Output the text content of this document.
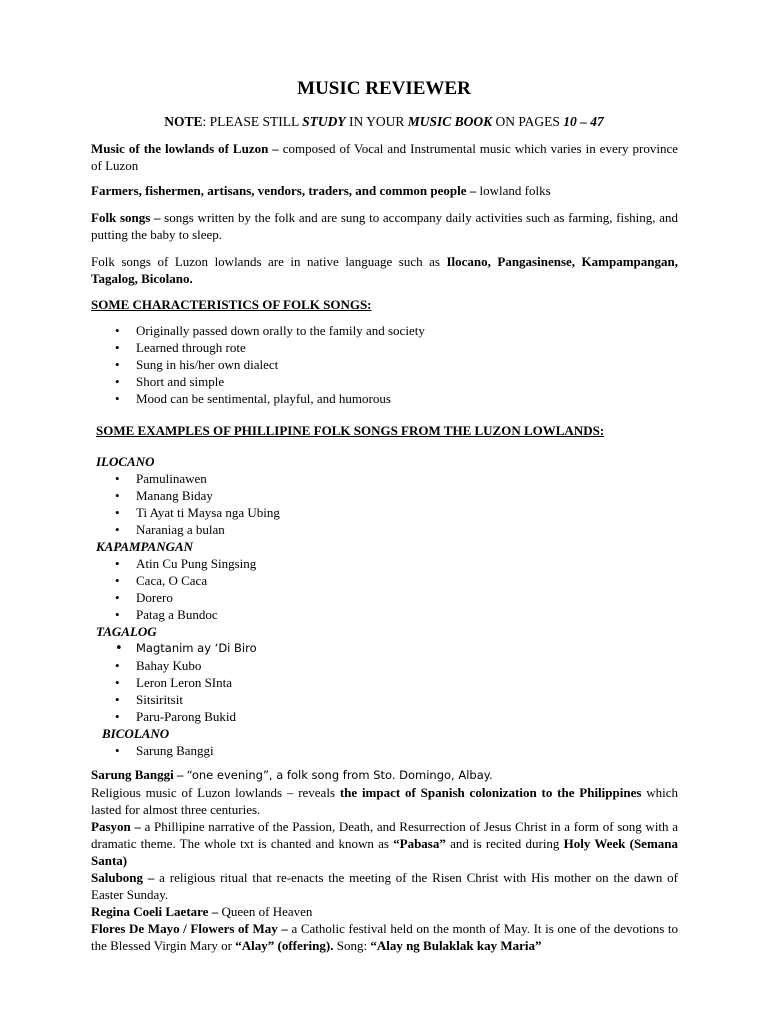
MUSIC REVIEWER
NOTE: PLEASE STILL STUDY IN YOUR MUSIC BOOK ON PAGES 10 – 47
Music of the lowlands of Luzon – composed of Vocal and Instrumental music which varies in every province of Luzon
Farmers, fishermen, artisans, vendors, traders, and common people – lowland folks
Folk songs – songs written by the folk and are sung to accompany daily activities such as farming, fishing, and putting the baby to sleep.
Folk songs of Luzon lowlands are in native language such as Ilocano, Pangasinense, Kampampangan, Tagalog, Bicolano.
SOME CHARACTERISTICS OF FOLK SONGS:
• Originally passed down orally to the family and society
• Learned through rote
• Sung in his/her own dialect
• Short and simple
• Mood can be sentimental, playful, and humorous
SOME EXAMPLES OF PHILLIPINE FOLK SONGS FROM THE LUZON LOWLANDS:
ILOCANO
• Pamulinawen
• Manang Biday
• Ti Ayat ti Maysa nga Ubing
• Naraniag a bulan
KAPAMPANGAN
• Atin Cu Pung Singsing
• Caca, O Caca
• Dorero
• Patag a Bundoc
TAGALOG
• Magtanim ay ‘Di Biro
• Bahay Kubo
• Leron Leron SInta
• Sitsiritsit
• Paru-Parong Bukid
BICOLANO
• Sarung Banggi

Sarung Banggi – “one evening”, a folk song from Sto. Domingo, Albay.

Religious music of Luzon lowlands – reveals the impact of Spanish colonization to the Philippines which lasted for almost three centuries.

Pasyon – a Phillipine narrative of the Passion, Death, and Resurrection of Jesus Christ in a form of song with a dramatic theme. The whole txt is chanted and known as “Pabasa” and is recited during Holy Week (Semana Santa)

Salubong – a religious ritual that re-enacts the meeting of the Risen Christ with His mother on the dawn of Easter Sunday.

Regina Coeli Laetare – Queen of Heaven

Flores De Mayo / Flowers of May – a Catholic festival held on the month of May. It is one of the devotions to the Blessed Virgin Mary or “Alay” (offering). Song: “Alay ng Bulaklak kay Maria”
